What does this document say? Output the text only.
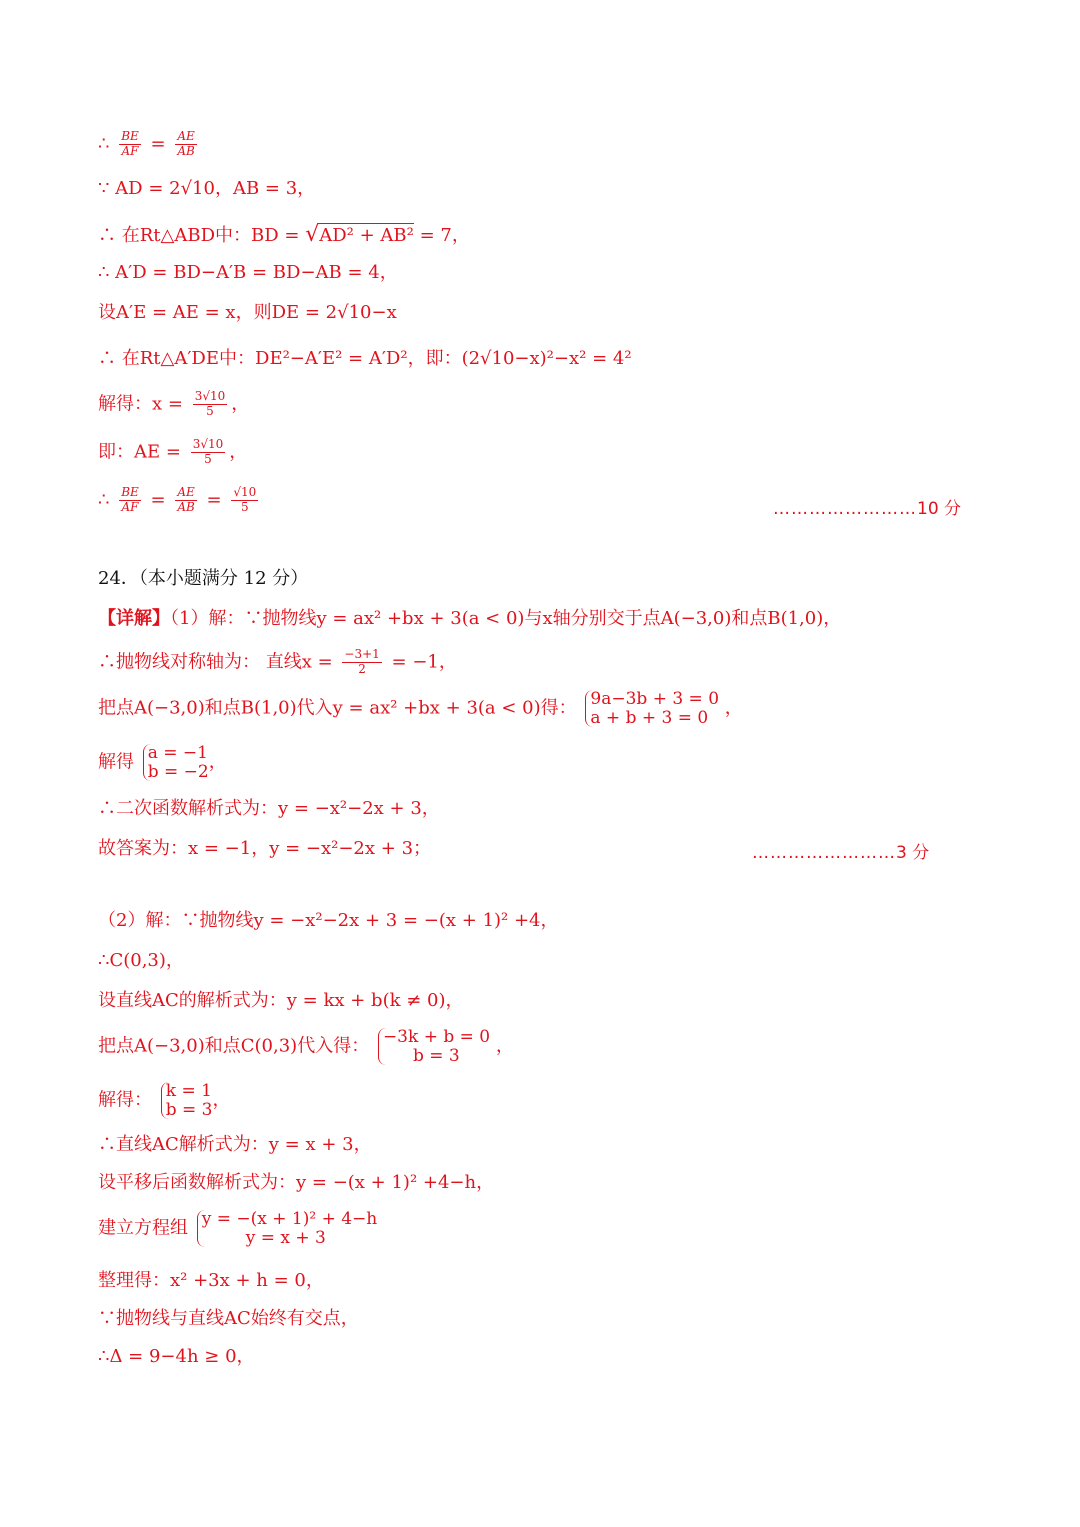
∴ $\frac{BE}{AF} = \frac{AE}{AB}$
∵ AD = 2√10，AB = 3，
∴ 在Rt△ABD中：BD = √AD² + AB² = 7，
∴ A′D = BD−A′B = BD−AB = 4，
设A′E = AE = x，则DE = 2√10−x
∴ 在Rt△A′DE中：DE²−A′E² = A′D²，即：(2√10−x)²−x² = 4²
解得：$x = \frac{3√10}{5}$ ，
即：AE = $\frac{3√10}{5}$ ，
∴ $\frac{BE}{AF} = \frac{AE}{AB} = \frac{√10}{5}$	……………………10 分
24．（本小题满分 12 分）
【详解】（1）解：∵抛物线y = ax² +bx + 3(a < 0)与x轴分别交于点A(−3,0)和点B(1,0)，
∴抛物线对称轴为： 直线$x = \frac{-3+1}{2} = -1$，
把点A(−3,0)和点B(1,0)代入y = ax² +bx + 3(a < 0)得： 9a−3b + 3 = 0
a + b + 3 = 0 ，
解得 a = −1
b = −2 ，
∴二次函数解析式为：y = −x²−2x + 3，
故答案为：x = −1，y = −x²−2x + 3；	……………………3 分
（2）解：∵抛物线y = −x²−2x + 3 = −(x + 1)² +4，
∴C(0,3)，
设直线AC的解析式为：y = kx + b(k ≠ 0)，
把点A(−3,0)和点C(0,3)代入得： −3k + b = 0
b = 3	，
解得： k = 1
b = 3 ，
∴直线AC解析式为：y = x + 3，
设平移后函数解析式为：y = −(x + 1)² +4−h，
建立方程组 y = −(x + 1)² + 4−h
y = x + 3
整理得：x² +3x + h = 0，
∵抛物线与直线AC始终有交点，
∴Δ = 9−4h ≥ 0，
